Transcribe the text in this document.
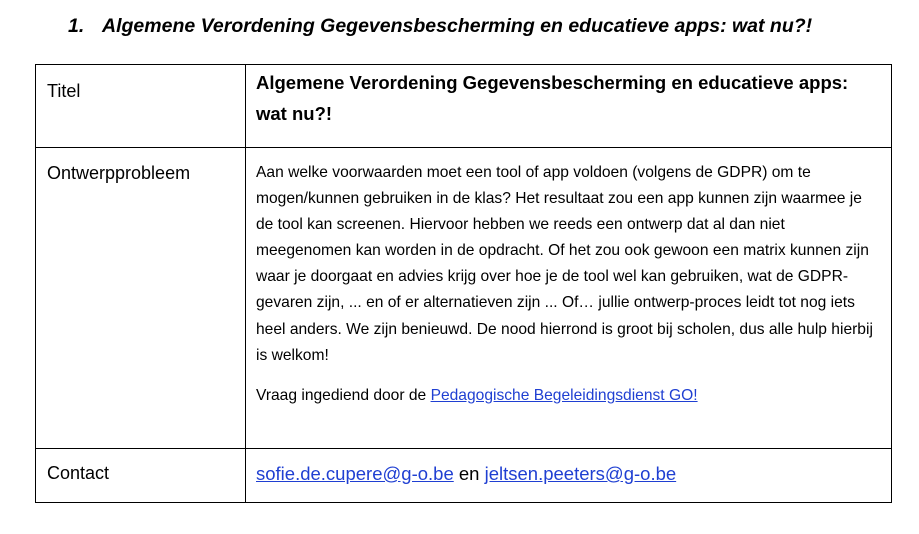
1. Algemene Verordening Gegevensbescherming en educatieve apps: wat nu?!
Titel	Algemene Verordening Gegevensbescherming en educatieve apps: wat nu?!

Ontwerpprobleem	Aan welke voorwaarden moet een tool of app voldoen (volgens de GDPR) om te mogen/kunnen gebruiken in de klas? Het resultaat zou een app kunnen zijn waarmee je de tool kan screenen. Hiervoor hebben we reeds een ontwerp dat al dan niet meegenomen kan worden in de opdracht. Of het zou ook gewoon een matrix kunnen zijn waar je doorgaat en advies krijg over hoe je de tool wel kan gebruiken, wat de GDPR-gevaren zijn, ... en of er alternatieven zijn ... Of… jullie ontwerp-proces leidt tot nog iets heel anders. We zijn benieuwd. De nood hierrond is groot bij scholen, dus alle hulp hierbij is welkom!

Vraag ingediend door de Pedagogische Begeleidingsdienst GO!

Contact	sofie.de.cupere@g-o.be en jeltsen.peeters@g-o.be
